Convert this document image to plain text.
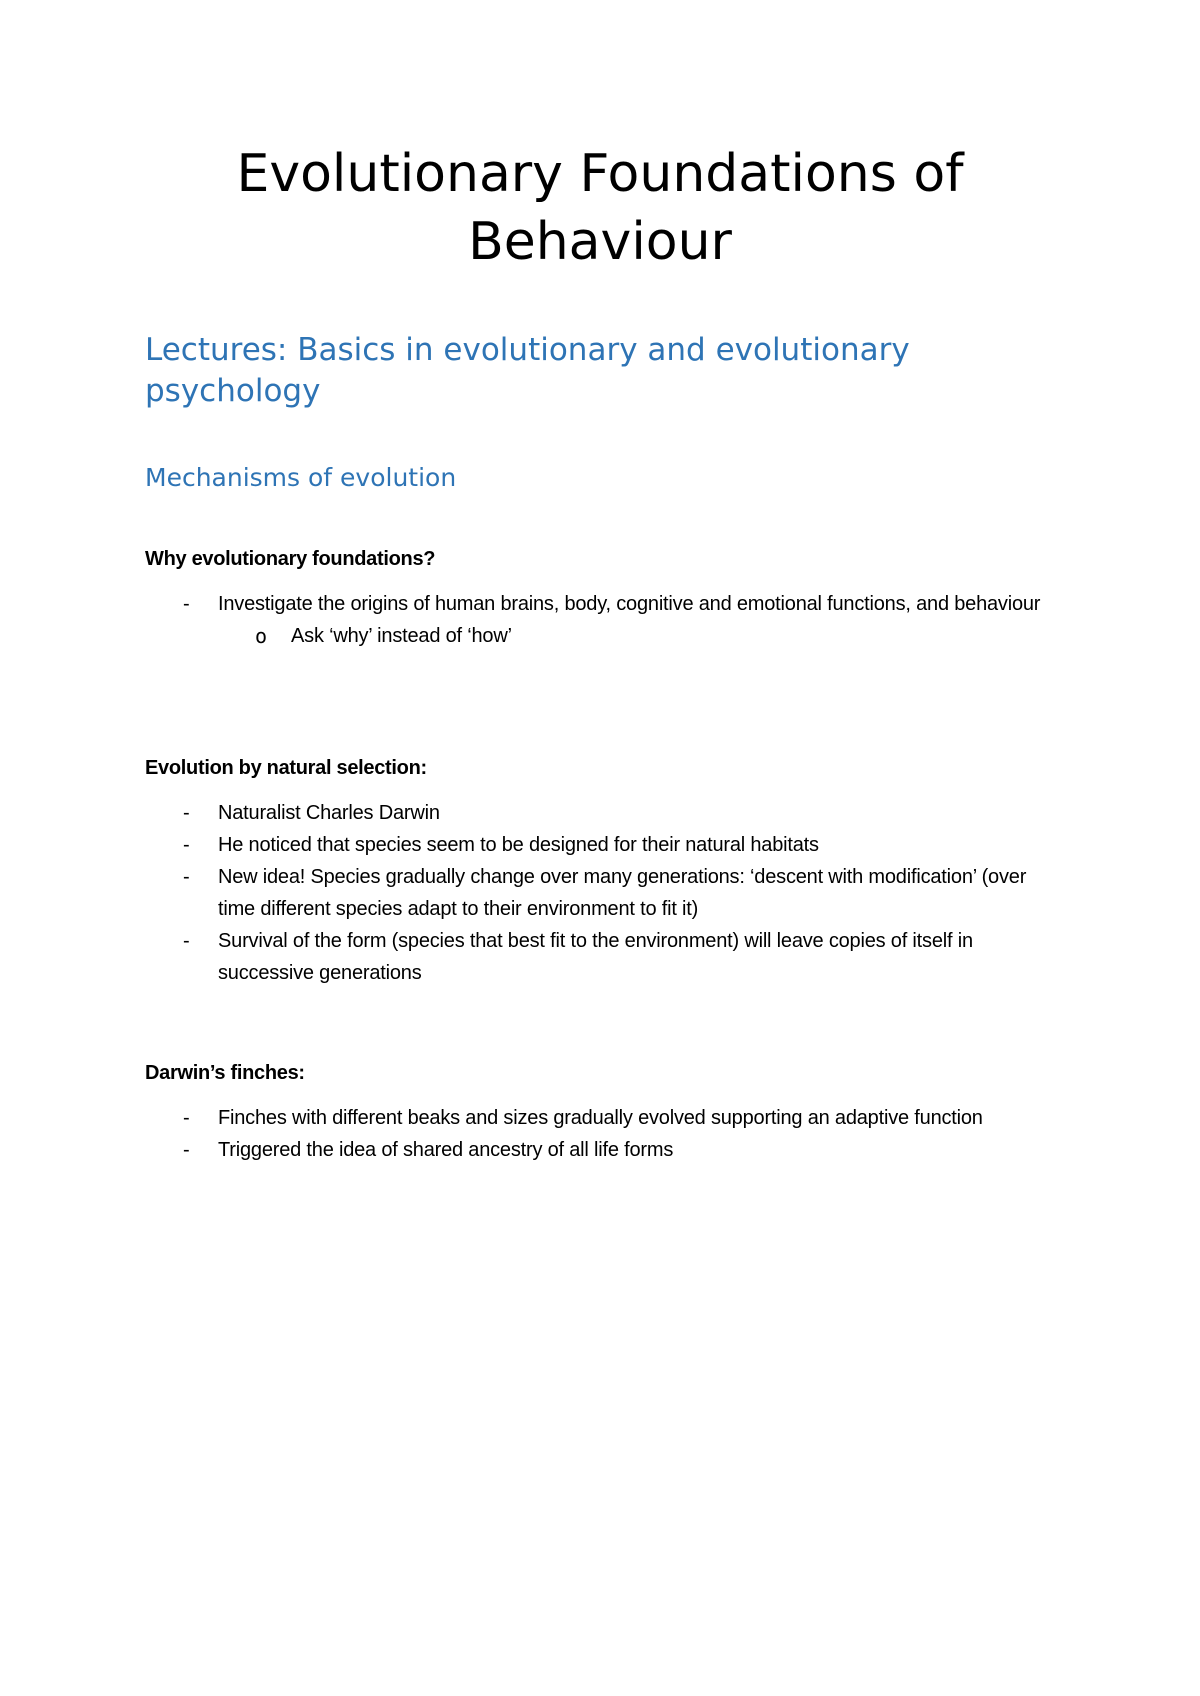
Evolutionary Foundations of Behaviour
Lectures: Basics in evolutionary and evolutionary psychology
Mechanisms of evolution

Why evolutionary foundations?

- Investigate the origins of human brains, body, cognitive and emotional functions, and behaviour
o Ask ‘why’ instead of ‘how’

Evolution by natural selection:

- Naturalist Charles Darwin
- He noticed that species seem to be designed for their natural habitats
- New idea! Species gradually change over many generations: ‘descent with modification’ (over time different species adapt to their environment to fit it)
- Survival of the form (species that best fit to the environment) will leave copies of itself in successive generations

Darwin’s finches:

- Finches with different beaks and sizes gradually evolved supporting an adaptive function
- Triggered the idea of shared ancestry of all life forms
